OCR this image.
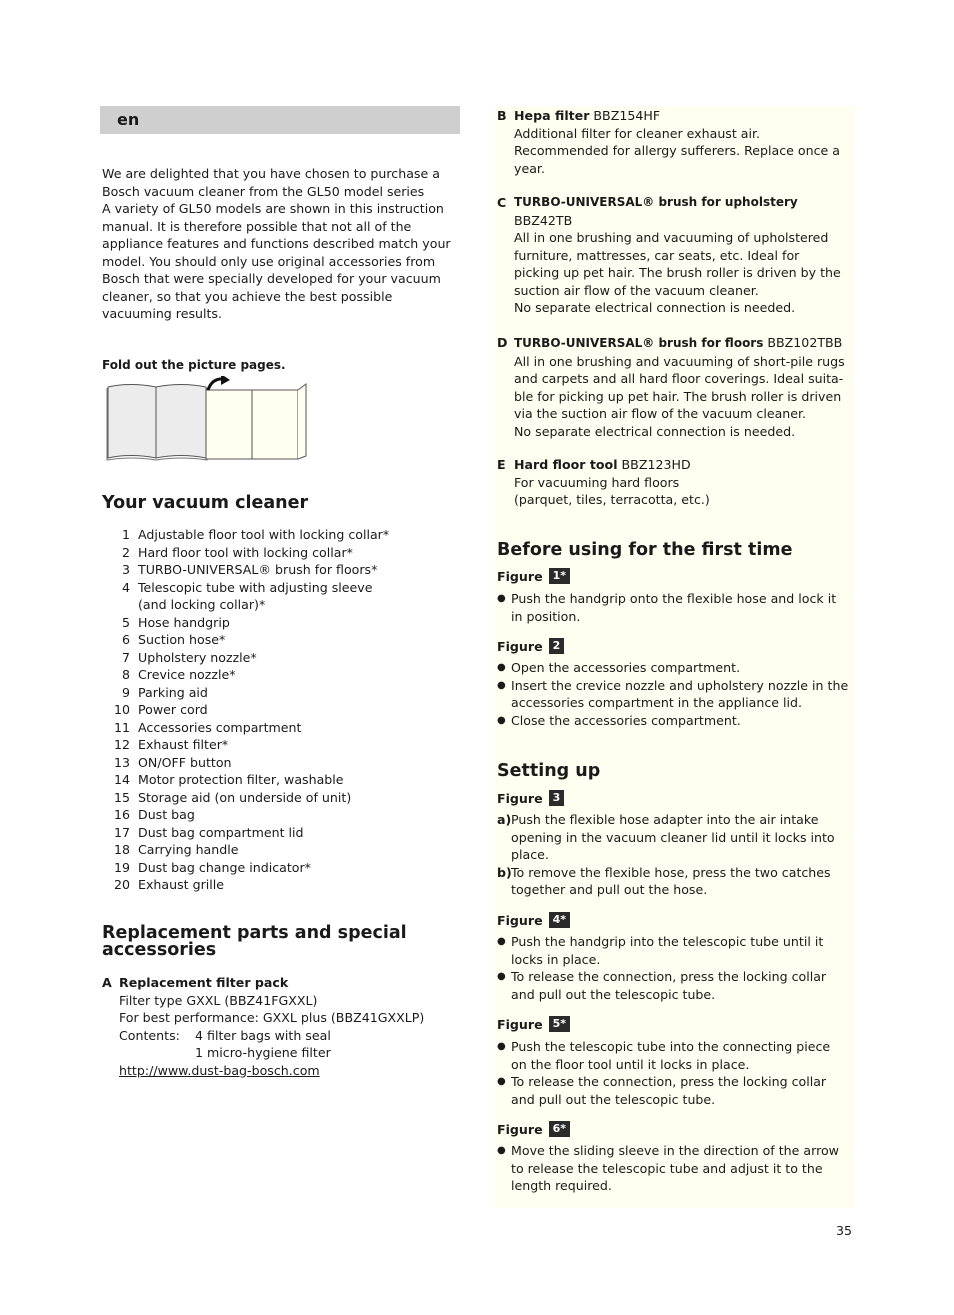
en
We are delighted that you have chosen to purchase a
Bosch vacuum cleaner from the GL50 model series
A variety of GL50 models are shown in this instruction
manual. It is therefore possible that not all of the
appliance features and functions described match your
model. You should only use original accessories from
Bosch that were specially developed for your vacuum
cleaner, so that you achieve the best possible
vacuuming results.
Fold out the picture pages.
Your vacuum cleaner
1 Adjustable floor tool with locking collar*
2 Hard floor tool with locking collar*
3 TURBO-UNIVERSAL® brush for floors*
4 Telescopic tube with adjusting sleeve
(and locking collar)*
5 Hose handgrip
6 Suction hose*
7 Upholstery nozzle*
8 Crevice nozzle*
9 Parking aid
10 Power cord
11 Accessories compartment
12 Exhaust filter*
13 ON/OFF button
14 Motor protection filter, washable
15 Storage aid (on underside of unit)
16 Dust bag
17 Dust bag compartment lid
18 Carrying handle
19 Dust bag change indicator*
20 Exhaust grille
Replacement parts and special
accessories
A Replacement filter pack
Filter type GXXL (BBZ41FGXXL)
For best performance: GXXL plus (BBZ41GXXLP)
Contents:	4 filter bags with seal
1 micro-hygiene filter
http://www.dust-bag-bosch.com
B Hepa filter BBZ154HF
Additional filter for cleaner exhaust air.
Recommended for allergy sufferers. Replace once a
year.
C TURBO-UNIVERSAL® brush for upholstery
BBZ42TB
All in one brushing and vacuuming of upholstered
furniture, mattresses, car seats, etc. Ideal for
picking up pet hair. The brush roller is driven by the
suction air flow of the vacuum cleaner.
No separate electrical connection is needed.
D TURBO-UNIVERSAL® brush for floors BBZ102TBB
All in one brushing and vacuuming of short-pile rugs
and carpets and all hard floor coverings. Ideal suita-
ble for picking up pet hair. The brush roller is driven
via the suction air flow of the vacuum cleaner.
No separate electrical connection is needed.
E Hard floor tool BBZ123HD
For vacuuming hard floors
(parquet, tiles, terracotta, etc.)
Before using for the first time
Figure 1*
● Push the handgrip onto the flexible hose and lock it
in position.
Figure 2
● Open the accessories compartment.
● Insert the crevice nozzle and upholstery nozzle in the
accessories compartment in the appliance lid.
● Close the accessories compartment.
Setting up
Figure 3
a) Push the flexible hose adapter into the air intake
opening in the vacuum cleaner lid until it locks into
place.
b) To remove the flexible hose, press the two catches
together and pull out the hose.
Figure 4*
● Push the handgrip into the telescopic tube until it
locks in place.
● To release the connection, press the locking collar
and pull out the telescopic tube.
Figure 5*
● Push the telescopic tube into the connecting piece
on the floor tool until it locks in place.
● To release the connection, press the locking collar
and pull out the telescopic tube.
Figure 6*
● Move the sliding sleeve in the direction of the arrow
to release the telescopic tube and adjust it to the
length required.
35
